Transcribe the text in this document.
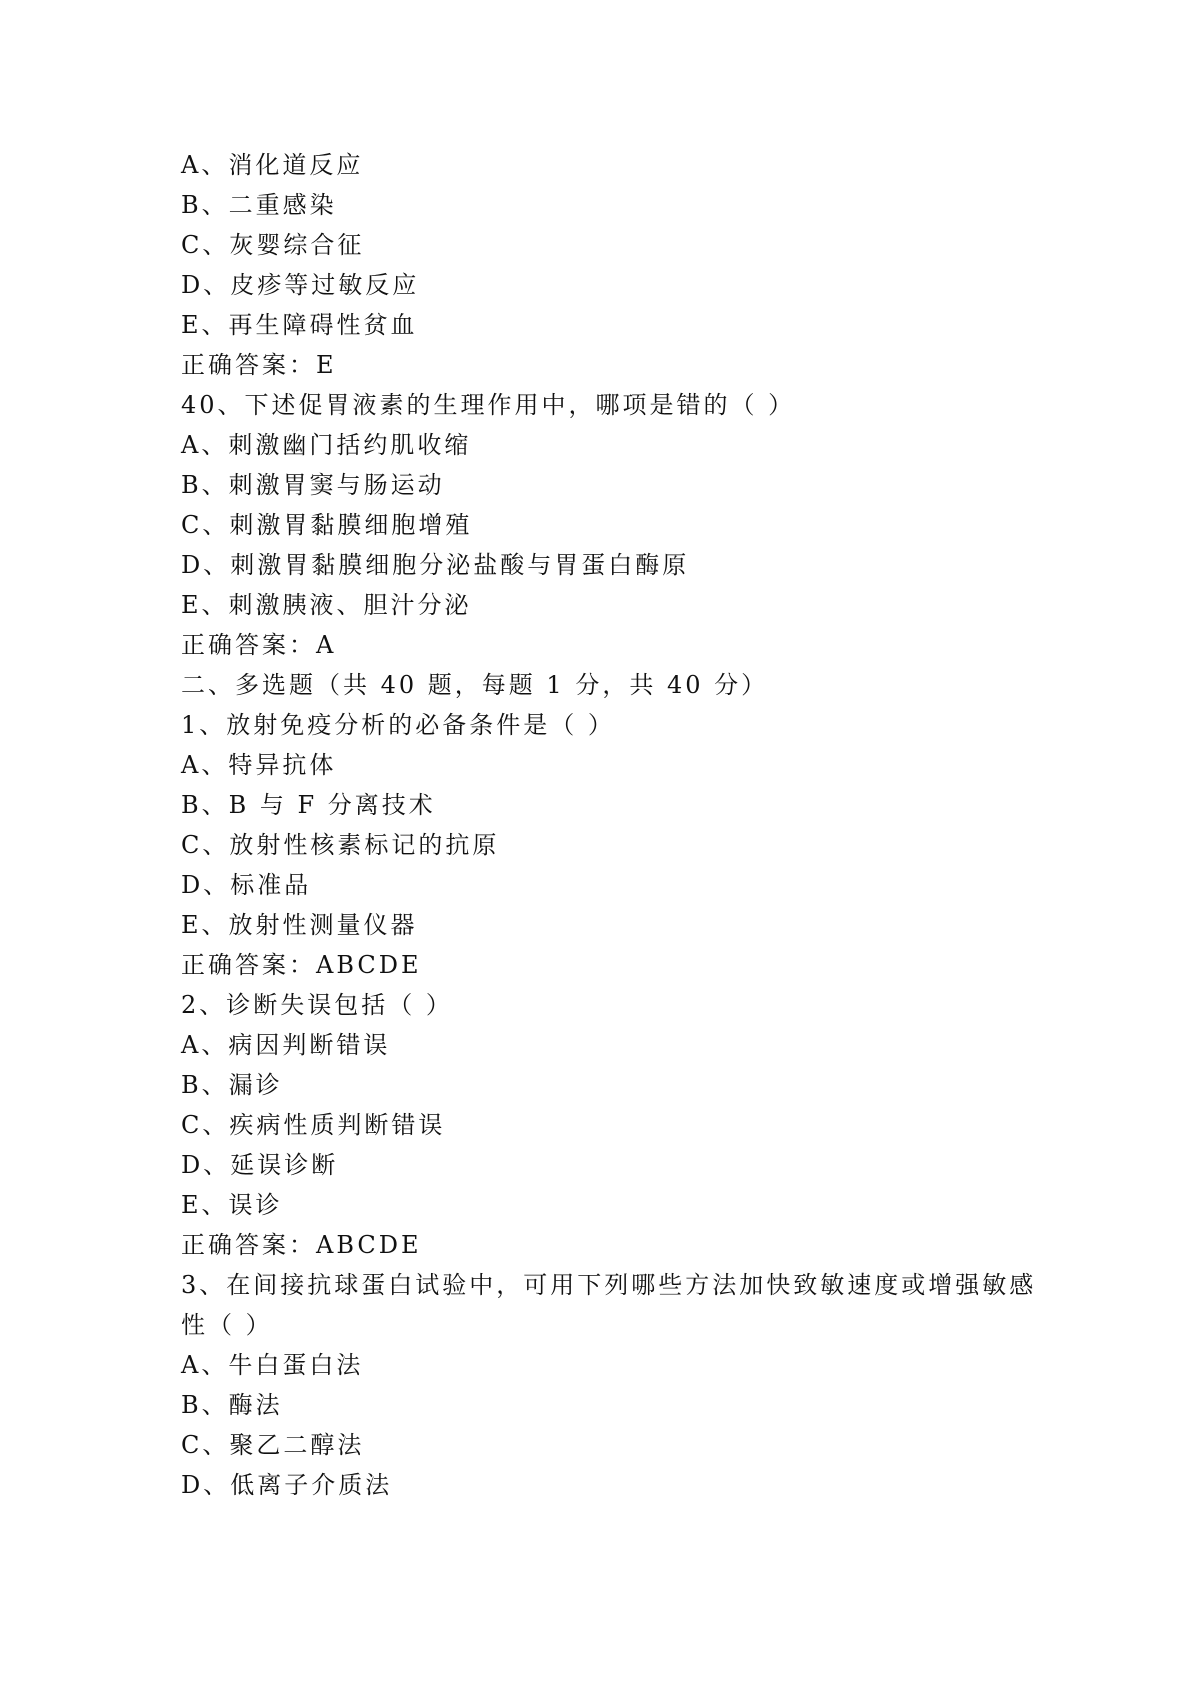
A、消化道反应

B、二重感染

C、灰婴综合征

D、皮疹等过敏反应

E、再生障碍性贫血

正确答案：E

40、下述促胃液素的生理作用中，哪项是错的（ ）

A、刺激幽门括约肌收缩

B、刺激胃窦与肠运动

C、刺激胃黏膜细胞增殖

D、刺激胃黏膜细胞分泌盐酸与胃蛋白酶原

E、刺激胰液、胆汁分泌

正确答案：A

二、多选题（共 40 题，每题 1 分，共 40 分）

1、放射免疫分析的必备条件是（ ）

A、特异抗体

B、B 与 F 分离技术

C、放射性核素标记的抗原

D、标准品

E、放射性测量仪器

正确答案：ABCDE

2、诊断失误包括（ ）

A、病因判断错误

B、漏诊

C、疾病性质判断错误

D、延误诊断

E、误诊

正确答案：ABCDE

3、在间接抗球蛋白试验中，可用下列哪些方法加快致敏速度或增强敏感

性（ ）

A、牛白蛋白法

B、酶法

C、聚乙二醇法

D、低离子介质法
